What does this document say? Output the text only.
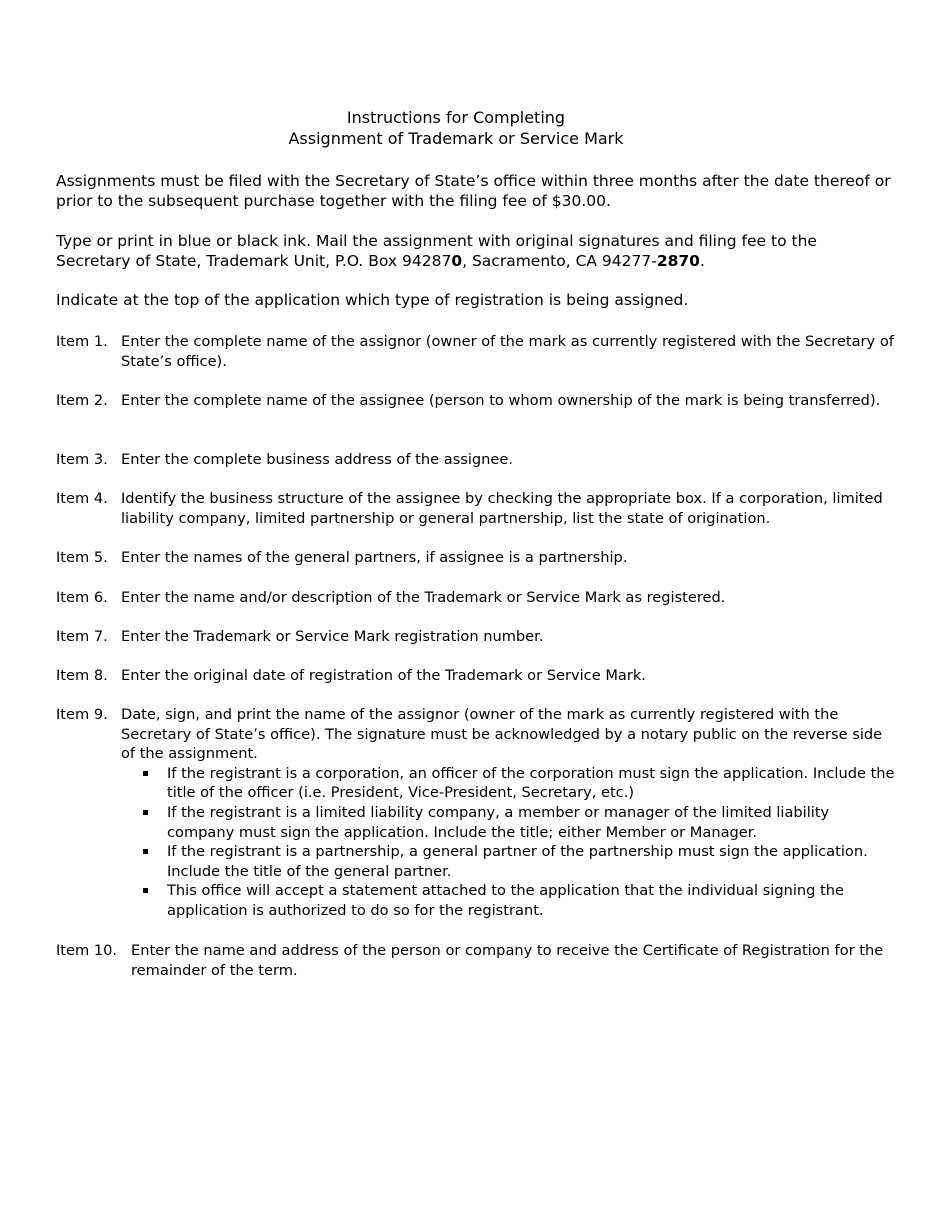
Instructions for Completing
Assignment of Trademark or Service Mark

Assignments must be filed with the Secretary of State’s office within three months after the date thereof or prior to the subsequent purchase together with the filing fee of $30.00.

Type or print in blue or black ink. Mail the assignment with original signatures and filing fee to the Secretary of State, Trademark Unit, P.O. Box 942870, Sacramento, CA 94277-2870.

Indicate at the top of the application which type of registration is being assigned.

Item 1. Enter the complete name of the assignor (owner of the mark as currently registered with the Secretary of State’s office).
Item 2. Enter the complete name of the assignee (person to whom ownership of the mark is being transferred).
Item 3. Enter the complete business address of the assignee.
Item 4. Identify the business structure of the assignee by checking the appropriate box. If a corporation, limited liability company, limited partnership or general partnership, list the state of origination.
Item 5. Enter the names of the general partners, if assignee is a partnership.
Item 6. Enter the name and/or description of the Trademark or Service Mark as registered.
Item 7. Enter the Trademark or Service Mark registration number.
Item 8. Enter the original date of registration of the Trademark or Service Mark.
Item 9. Date, sign, and print the name of the assignor (owner of the mark as currently registered with the Secretary of State’s office). The signature must be acknowledged by a notary public on the reverse side of the assignment.
If the registrant is a corporation, an officer of the corporation must sign the application. Include the title of the officer (i.e. President, Vice-President, Secretary, etc.)
If the registrant is a limited liability company, a member or manager of the limited liability company must sign the application. Include the title; either Member or Manager.
If the registrant is a partnership, a general partner of the partnership must sign the application. Include the title of the general partner.
This office will accept a statement attached to the application that the individual signing the application is authorized to do so for the registrant.
Item 10. Enter the name and address of the person or company to receive the Certificate of Registration for the remainder of the term.
